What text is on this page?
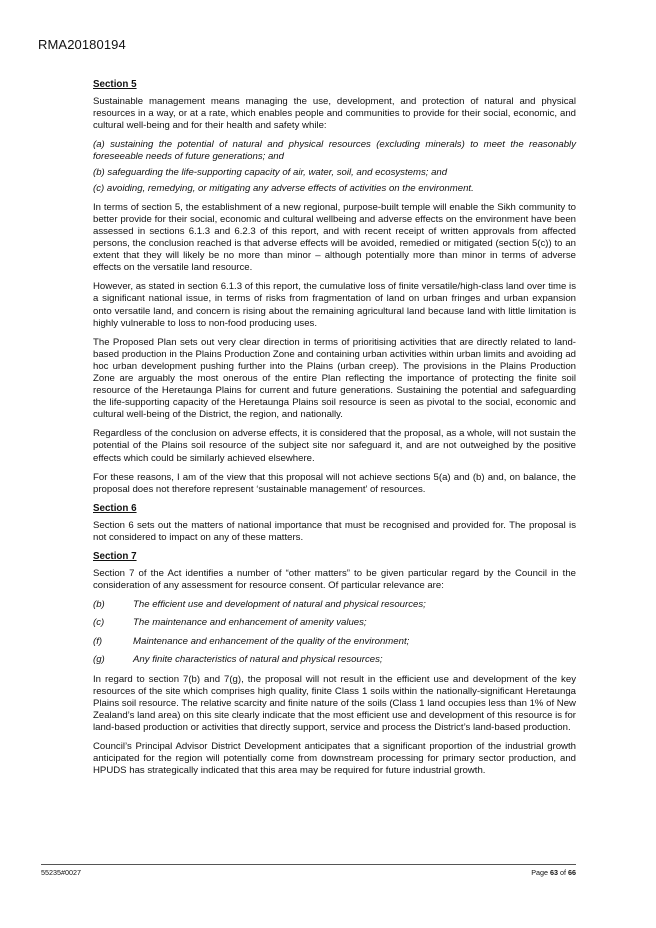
RMA20180194
Section 5

Sustainable management means managing the use, development, and protection of natural and physical resources in a way, or at a rate, which enables people and communities to provide for their social, economic, and cultural well-being and for their health and safety while:

(a) sustaining the potential of natural and physical resources (excluding minerals) to meet the reasonably foreseeable needs of future generations; and

(b) safeguarding the life-supporting capacity of air, water, soil, and ecosystems; and

(c) avoiding, remedying, or mitigating any adverse effects of activities on the environment.

In terms of section 5, the establishment of a new regional, purpose-built temple will enable the Sikh community to better provide for their social, economic and cultural wellbeing and adverse effects on the environment have been assessed in sections 6.1.3 and 6.2.3 of this report, and with recent receipt of written approvals from affected persons, the conclusion reached is that adverse effects will be avoided, remedied or mitigated (section 5(c)) to an extent that they will likely be no more than minor – although potentially more than minor in terms of adverse effects on the versatile land resource.

However, as stated in section 6.1.3 of this report, the cumulative loss of finite versatile/high-class land over time is a significant national issue, in terms of risks from fragmentation of land on urban fringes and urban expansion onto versatile land, and concern is rising about the remaining agricultural land because land with little limitation is highly vulnerable to loss to non-food producing uses.

The Proposed Plan sets out very clear direction in terms of prioritising activities that are directly related to land-based production in the Plains Production Zone and containing urban activities within urban limits and avoiding ad hoc urban development pushing further into the Plains (urban creep). The provisions in the Plains Production Zone are arguably the most onerous of the entire Plan reflecting the importance of protecting the finite soil resource of the Heretaunga Plains for current and future generations. Sustaining the potential and safeguarding the life-supporting capacity of the Heretaunga Plains soil resource is seen as pivotal to the social, economic and cultural well-being of the District, the region, and nationally.

Regardless of the conclusion on adverse effects, it is considered that the proposal, as a whole, will not sustain the potential of the Plains soil resource of the subject site nor safeguard it, and are not outweighed by the positive effects which could be similarly achieved elsewhere.

For these reasons, I am of the view that this proposal will not achieve sections 5(a) and (b) and, on balance, the proposal does not therefore represent ‘sustainable management’ of resources.

Section 6

Section 6 sets out the matters of national importance that must be recognised and provided for. The proposal is not considered to impact on any of these matters.

Section 7

Section 7 of the Act identifies a number of “other matters” to be given particular regard by the Council in the consideration of any assessment for resource consent. Of particular relevance are:

(b)	The efficient use and development of natural and physical resources;
(c)	The maintenance and enhancement of amenity values;
(f)	Maintenance and enhancement of the quality of the environment;
(g)	Any finite characteristics of natural and physical resources;

In regard to section 7(b) and 7(g), the proposal will not result in the efficient use and development of the key resources of the site which comprises high quality, finite Class 1 soils within the nationally-significant Heretaunga Plains soil resource. The relative scarcity and finite nature of the soils (Class 1 land occupies less than 1% of New Zealand’s land area) on this site clearly indicate that the most efficient use and development of this resource is for land-based production or activities that directly support, service and process the District’s land-based production.

Council’s Principal Advisor District Development anticipates that a significant proportion of the industrial growth anticipated for the region will potentially come from downstream processing for primary sector production, and HPUDS has strategically indicated that this area may be required for future industrial growth.

55235#0027	Page 63 of 66
